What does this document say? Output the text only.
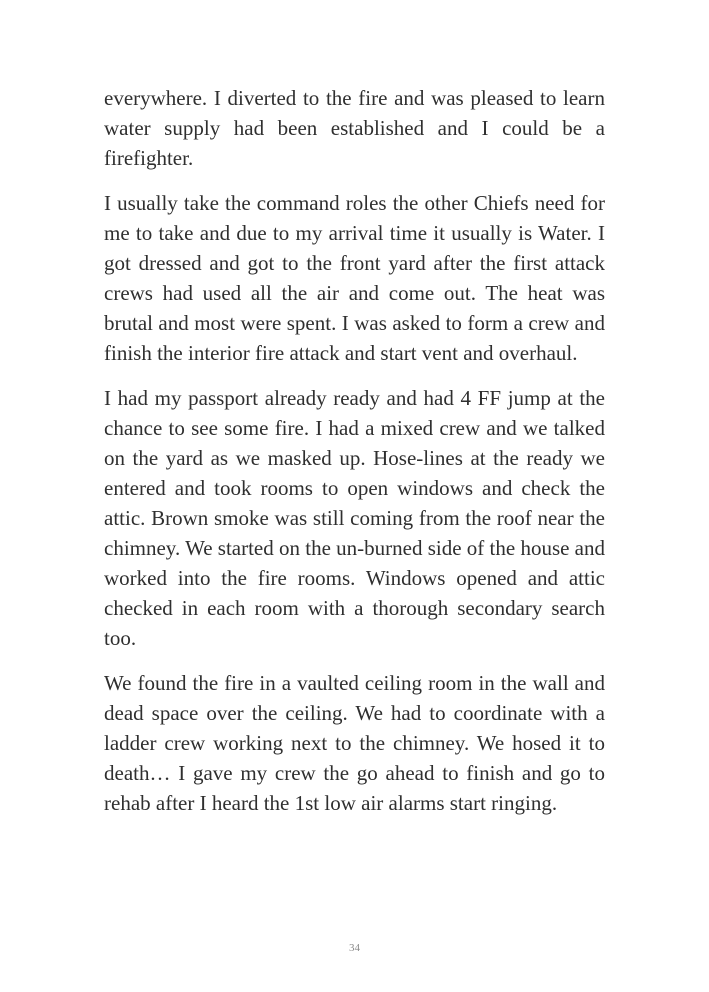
everywhere. I diverted to the fire and was pleased to learn water supply had been established and I could be a firefighter.

I usually take the command roles the other Chiefs need for me to take and due to my arrival time it usually is Water. I got dressed and got to the front yard after the first attack crews had used all the air and come out. The heat was brutal and most were spent. I was asked to form a crew and finish the interior fire attack and start vent and overhaul.

I had my passport already ready and had 4 FF jump at the chance to see some fire. I had a mixed crew and we talked on the yard as we masked up. Hose-lines at the ready we entered and took rooms to open windows and check the attic. Brown smoke was still coming from the roof near the chimney. We started on the un-burned side of the house and worked into the fire rooms. Windows opened and attic checked in each room with a thorough secondary search too.

We found the fire in a vaulted ceiling room in the wall and dead space over the ceiling. We had to coordinate with a ladder crew working next to the chimney. We hosed it to death… I gave my crew the go ahead to finish and go to rehab after I heard the 1st low air alarms start ringing.

34
